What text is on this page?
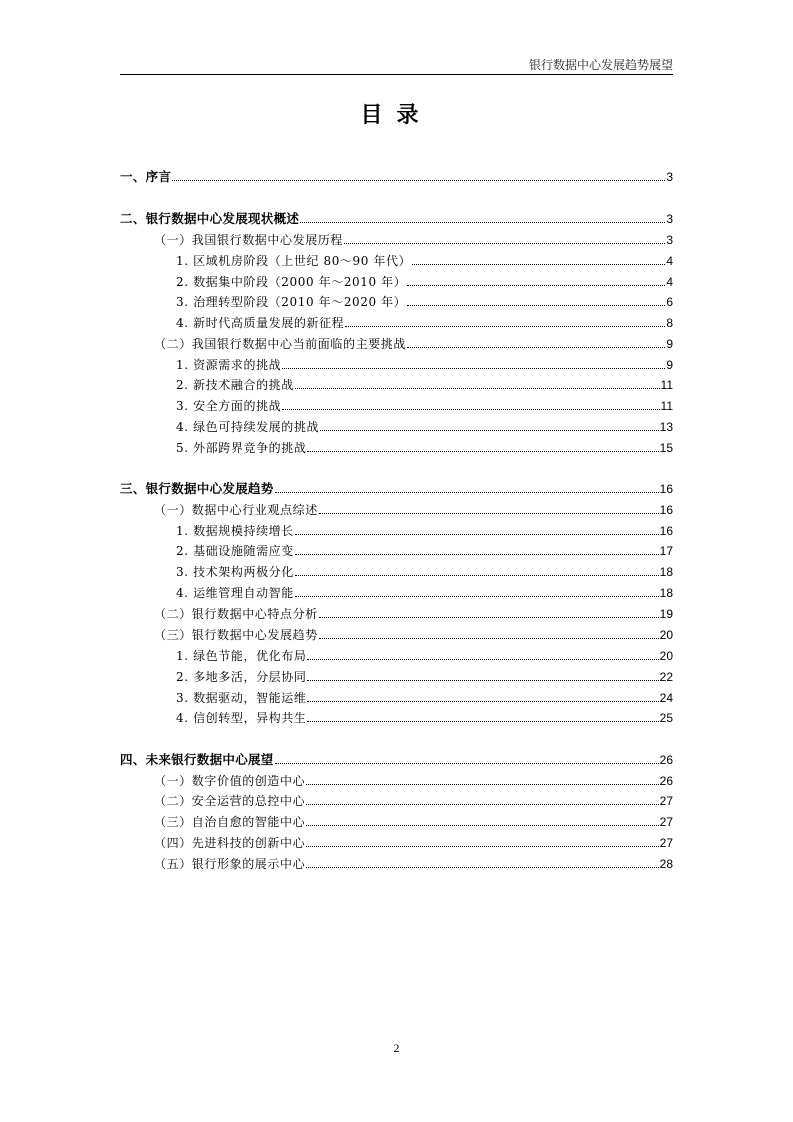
银行数据中心发展趋势展望
目录
一、序言	3
二、银行数据中心发展现状概述	3
（一）我国银行数据中心发展历程	3
1. 区域机房阶段（上世纪 80～90 年代）	4
2. 数据集中阶段（2000 年～2010 年）	4
3. 治理转型阶段（2010 年～2020 年）	6
4. 新时代高质量发展的新征程	8
（二）我国银行数据中心当前面临的主要挑战	9
1. 资源需求的挑战	9
2. 新技术融合的挑战	11
3. 安全方面的挑战	11
4. 绿色可持续发展的挑战	13
5. 外部跨界竞争的挑战	15
三、银行数据中心发展趋势	16
（一）数据中心行业观点综述	16
1. 数据规模持续增长	16
2. 基础设施随需应变	17
3. 技术架构两极分化	18
4. 运维管理自动智能	18
（二）银行数据中心特点分析	19
（三）银行数据中心发展趋势	20
1. 绿色节能，优化布局	20
2. 多地多活，分层协同	22
3. 数据驱动，智能运维	24
4. 信创转型，异构共生	25
四、未来银行数据中心展望	26
（一）数字价值的创造中心	26
（二）安全运营的总控中心	27
（三）自治自愈的智能中心	27
（四）先进科技的创新中心	27
（五）银行形象的展示中心	28
2
